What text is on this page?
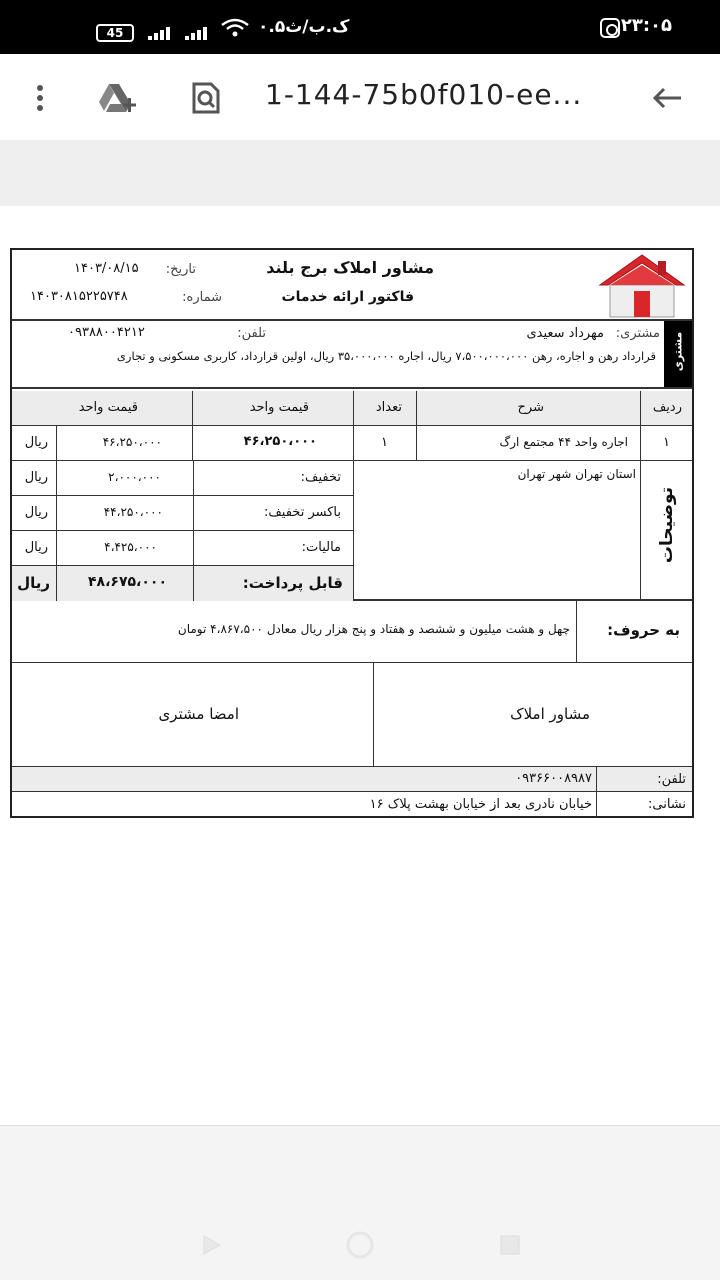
۲۳:۰۵
۰.۵ک.ب/ث
45
1-144-75b0f010-ee...
مشاور املاک برج بلند
فاکتور ارائه خدمات
تاریخ:
۱۴۰۳/۰۸/۱۵
شماره:
۱۴۰۳۰۸۱۵۲۲۵۷۴۸
مشتری
مشتری:
مهرداد سعیدی
تلفن:
۰۹۳۸۸۰۰۴۲۱۲
قرارداد رهن و اجاره، رهن ۷،۵۰۰،۰۰۰،۰۰۰ ریال، اجاره ۳۵،۰۰۰،۰۰۰ ریال، اولین قرارداد، کاربری مسکونی و تجاری
ردیف
شرح
تعداد
قیمت واحد
قیمت واحد
۱
اجاره واحد ۴۴ مجتمع ارگ
۱
۴۶،۲۵۰،۰۰۰
۴۶،۲۵۰،۰۰۰
ریال
توضیحات
استان تهران شهر تهران
تخفیف:
۲،۰۰۰،۰۰۰
ریال
باکسر تخفیف:
۴۴،۲۵۰،۰۰۰
ریال
مالیات:
۴،۴۲۵،۰۰۰
ریال
قابل پرداخت:
۴۸،۶۷۵،۰۰۰
ریال
به حروف:
چهل و هشت میلیون و ششصد و هفتاد و پنج هزار ریال معادل ۴،۸۶۷،۵۰۰ تومان
مشاور املاک
امضا مشتری
تلفن:
۰۹۳۶۶۰۰۸۹۸۷
نشانی:
خیابان نادری بعد از خیابان بهشت پلاک ۱۶
